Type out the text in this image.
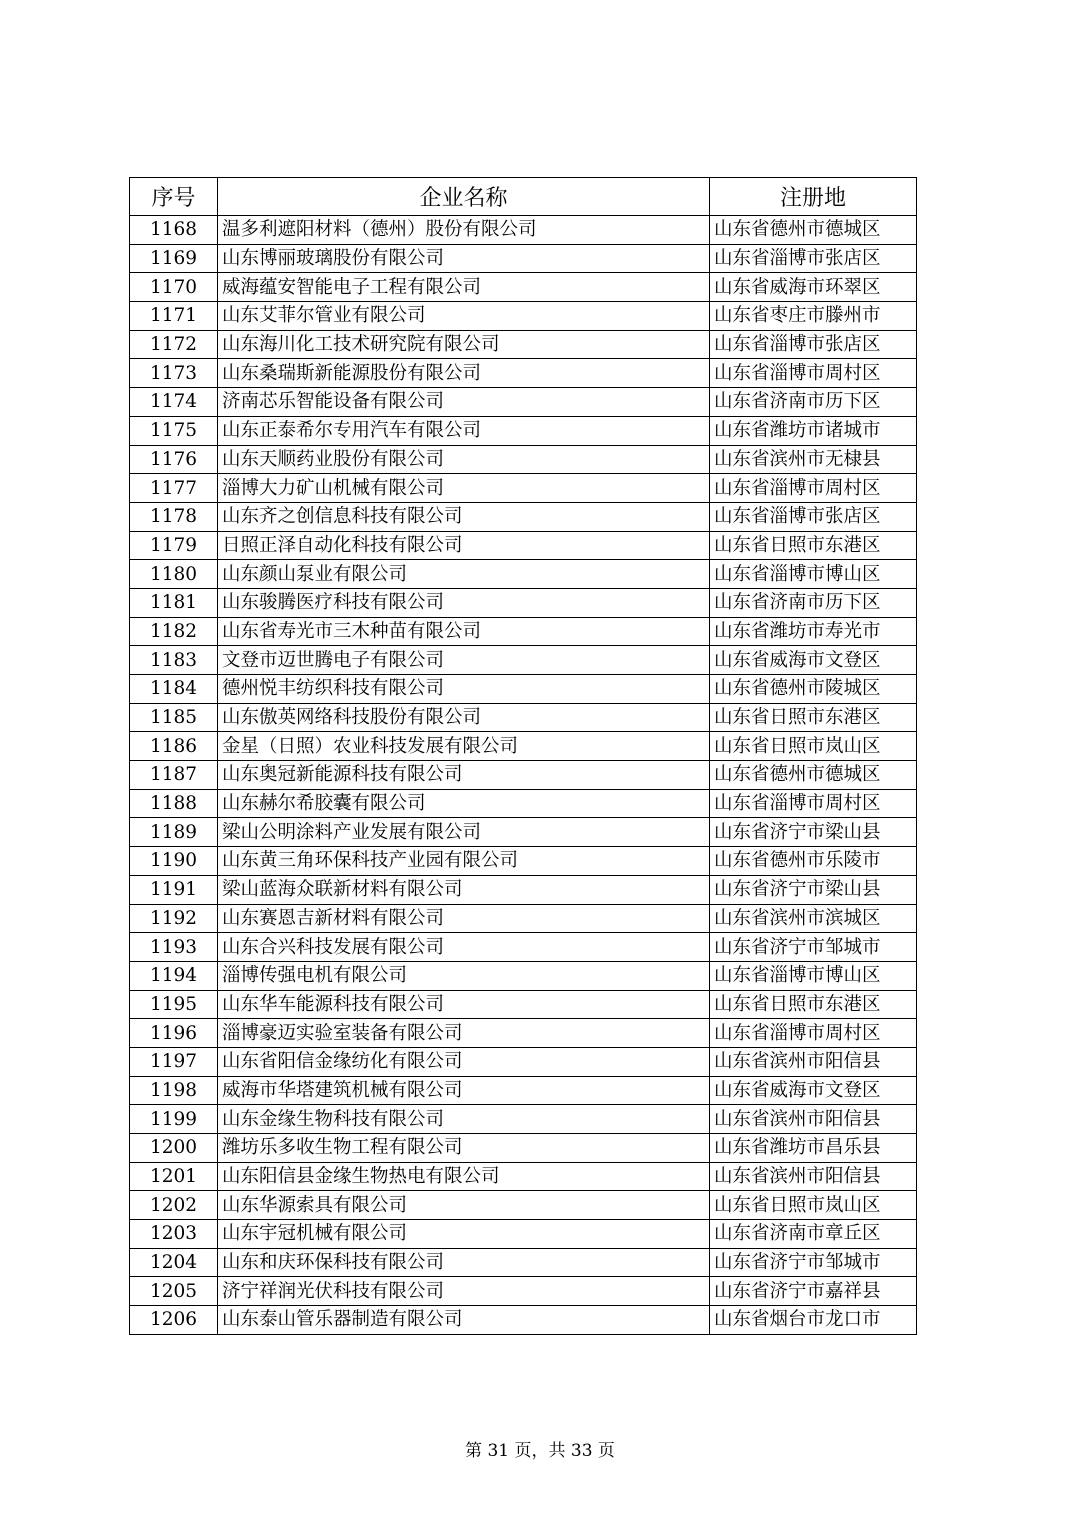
序号	企业名称	注册地
1168	温多利遮阳材料（德州）股份有限公司	山东省德州市德城区
1169	山东博丽玻璃股份有限公司	山东省淄博市张店区
1170	威海蕴安智能电子工程有限公司	山东省威海市环翠区
1171	山东艾菲尔管业有限公司	山东省枣庄市滕州市
1172	山东海川化工技术研究院有限公司	山东省淄博市张店区
1173	山东桑瑞斯新能源股份有限公司	山东省淄博市周村区
1174	济南芯乐智能设备有限公司	山东省济南市历下区
1175	山东正泰希尔专用汽车有限公司	山东省潍坊市诸城市
1176	山东天顺药业股份有限公司	山东省滨州市无棣县
1177	淄博大力矿山机械有限公司	山东省淄博市周村区
1178	山东齐之创信息科技有限公司	山东省淄博市张店区
1179	日照正泽自动化科技有限公司	山东省日照市东港区
1180	山东颜山泵业有限公司	山东省淄博市博山区
1181	山东骏腾医疗科技有限公司	山东省济南市历下区
1182	山东省寿光市三木种苗有限公司	山东省潍坊市寿光市
1183	文登市迈世腾电子有限公司	山东省威海市文登区
1184	德州悦丰纺织科技有限公司	山东省德州市陵城区
1185	山东傲英网络科技股份有限公司	山东省日照市东港区
1186	金星（日照）农业科技发展有限公司	山东省日照市岚山区
1187	山东奥冠新能源科技有限公司	山东省德州市德城区
1188	山东赫尔希胶囊有限公司	山东省淄博市周村区
1189	梁山公明涂料产业发展有限公司	山东省济宁市梁山县
1190	山东黄三角环保科技产业园有限公司	山东省德州市乐陵市
1191	梁山蓝海众联新材料有限公司	山东省济宁市梁山县
1192	山东赛恩吉新材料有限公司	山东省滨州市滨城区
1193	山东合兴科技发展有限公司	山东省济宁市邹城市
1194	淄博传强电机有限公司	山东省淄博市博山区
1195	山东华车能源科技有限公司	山东省日照市东港区
1196	淄博豪迈实验室装备有限公司	山东省淄博市周村区
1197	山东省阳信金缘纺化有限公司	山东省滨州市阳信县
1198	威海市华塔建筑机械有限公司	山东省威海市文登区
1199	山东金缘生物科技有限公司	山东省滨州市阳信县
1200	潍坊乐多收生物工程有限公司	山东省潍坊市昌乐县
1201	山东阳信县金缘生物热电有限公司	山东省滨州市阳信县
1202	山东华源索具有限公司	山东省日照市岚山区
1203	山东宇冠机械有限公司	山东省济南市章丘区
1204	山东和庆环保科技有限公司	山东省济宁市邹城市
1205	济宁祥润光伏科技有限公司	山东省济宁市嘉祥县
1206	山东泰山管乐器制造有限公司	山东省烟台市龙口市
第 31 页，共 33 页
